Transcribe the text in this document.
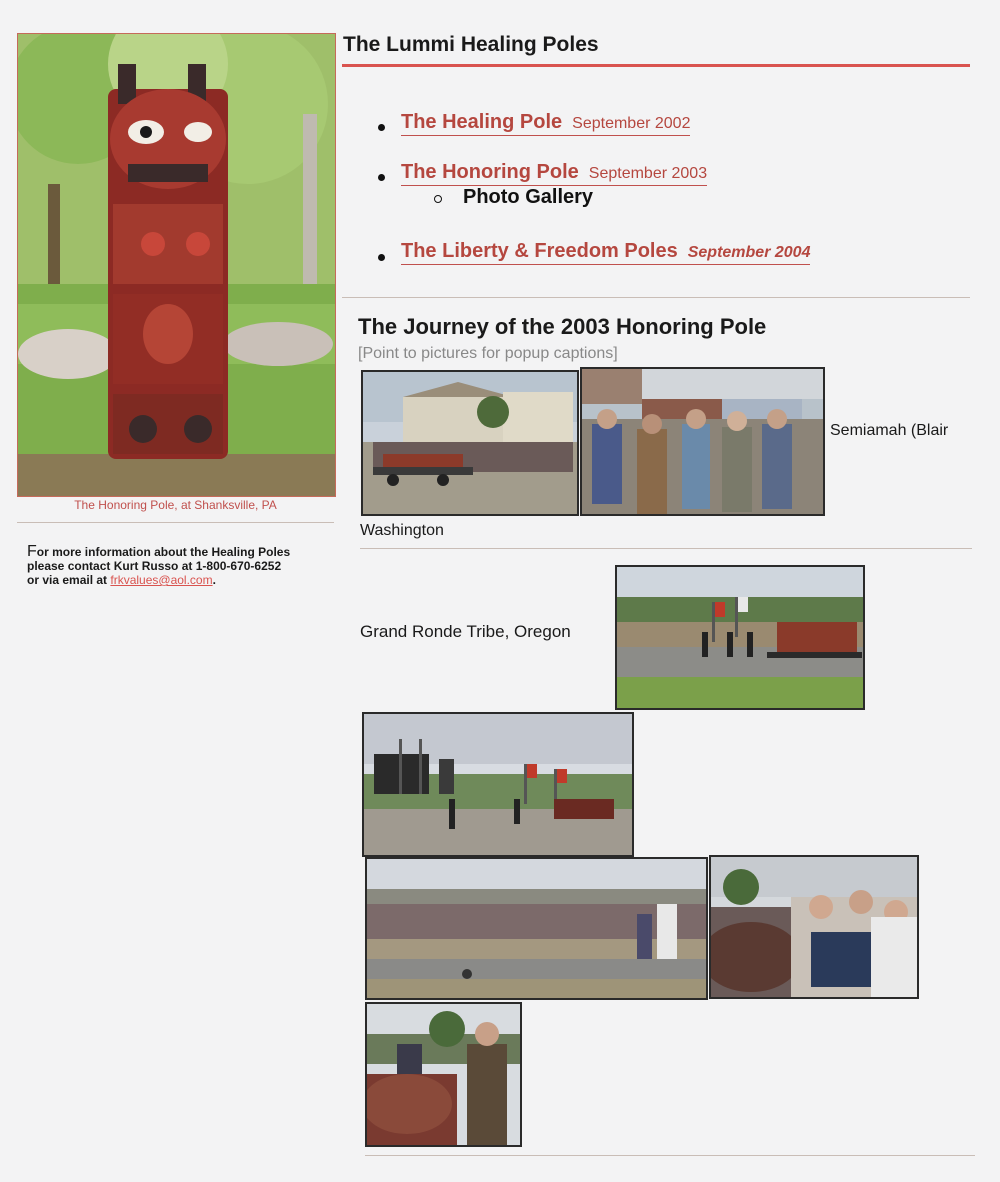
The Honoring Pole, at Shanksville, PA
For more information about the Healing Poles
please contact Kurt Russo at 1-800-670-6252
or via email at frkvalues@aol.com.
The Lummi Healing Poles
The Healing Pole September 2002
The Honoring Pole September 2003
Photo Gallery
The Liberty & Freedom Poles September 2004
The Journey of the 2003 Honoring Pole
[Point to pictures for popup captions]
Semiamah (Blair
Washington
Grand Ronde Tribe, Oregon
